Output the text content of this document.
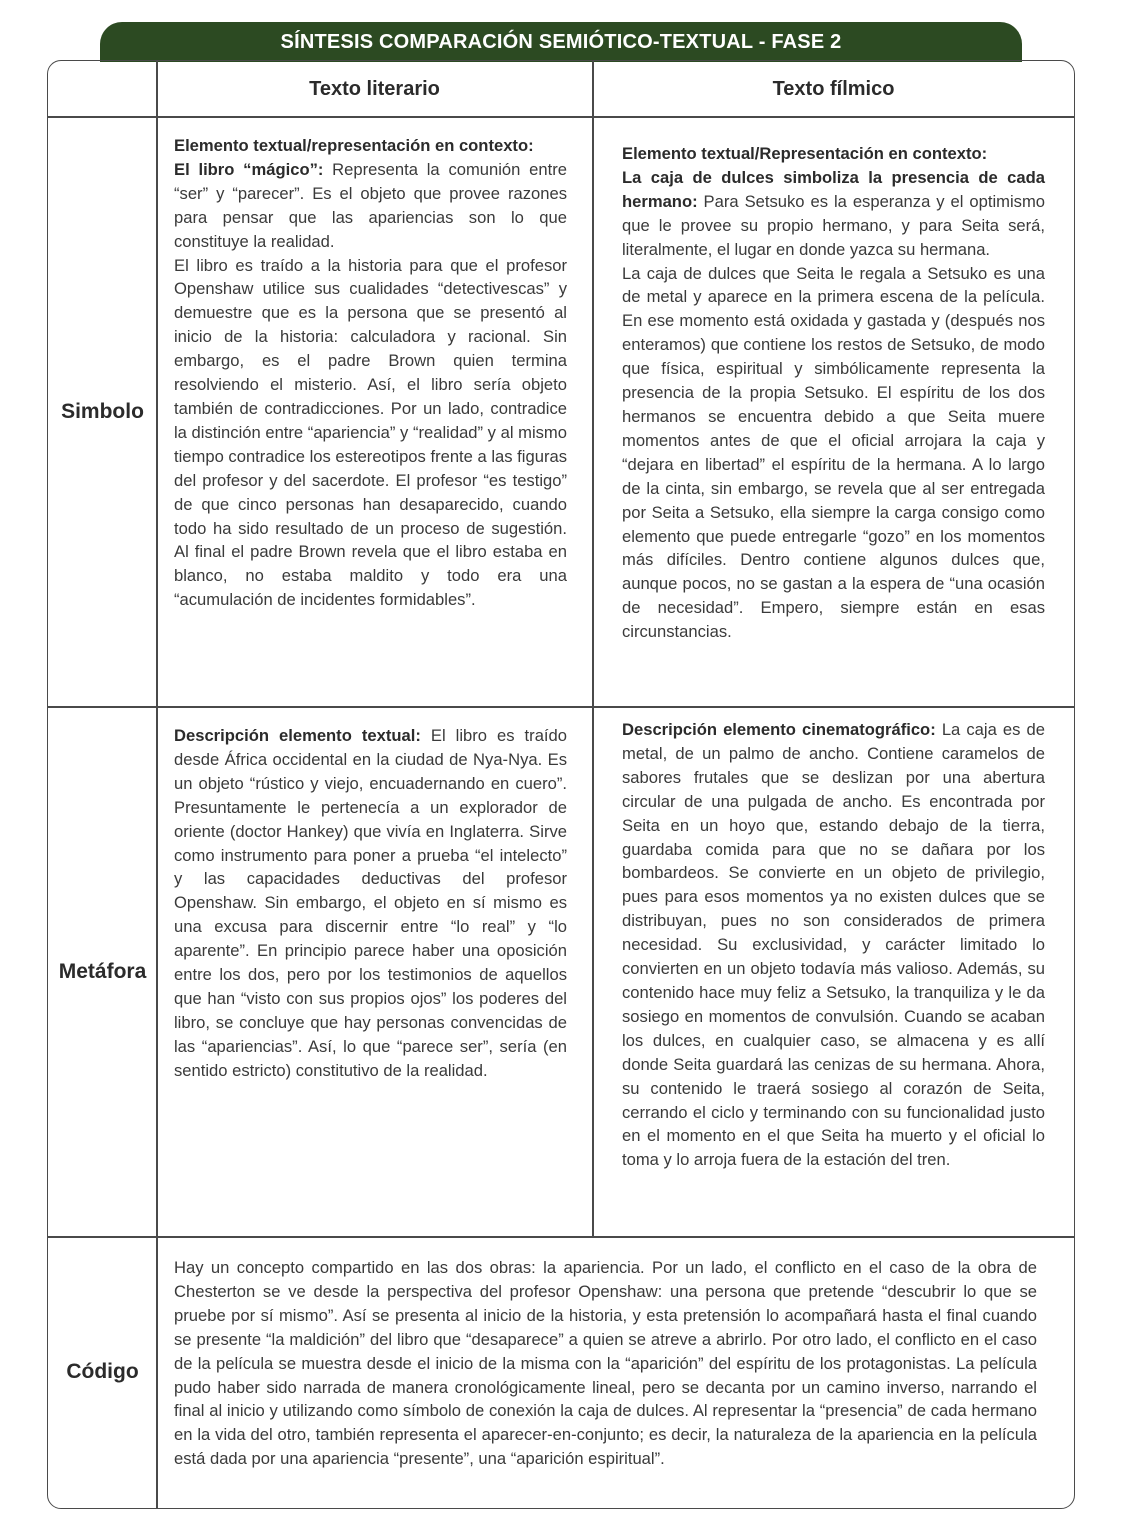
SÍNTESIS COMPARACIÓN SEMIÓTICO-TEXTUAL - FASE 2
Texto literario	Texto fílmico
Simbolo

Elemento textual/representación en contexto:

El libro “mágico”: Representa la comunión entre “ser” y “parecer”. Es el objeto que provee razones para pensar que las apariencias son lo que constituye la realidad.

El libro es traído a la historia para que el profesor Openshaw utilice sus cualidades “detectivescas” y demuestre que es la persona que se presentó al inicio de la historia: calculadora y racional. Sin embargo, es el padre Brown quien termina resolviendo el misterio. Así, el libro sería objeto también de contradicciones. Por un lado, contradice la distinción entre “apariencia” y “realidad” y al mismo tiempo contradice los estereotipos frente a las figuras del profesor y del sacerdote. El profesor “es testigo” de que cinco personas han desaparecido, cuando todo ha sido resultado de un proceso de sugestión. Al final el padre Brown revela que el libro estaba en blanco, no estaba maldito y todo era una “acumulación de incidentes formidables”.

Elemento textual/Representación en contexto:

La caja de dulces simboliza la presencia de cada hermano: Para Setsuko es la esperanza y el optimismo que le provee su propio hermano, y para Seita será, literalmente, el lugar en donde yazca su hermana.

La caja de dulces que Seita le regala a Setsuko es una de metal y aparece en la primera escena de la película. En ese momento está oxidada y gastada y (después nos enteramos) que contiene los restos de Setsuko, de modo que física, espiritual y simbólicamente representa la presencia de la propia Setsuko. El espíritu de los dos hermanos se encuentra debido a que Seita muere momentos antes de que el oficial arrojara la caja y “dejara en libertad” el espíritu de la hermana. A lo largo de la cinta, sin embargo, se revela que al ser entregada por Seita a Setsuko, ella siempre la carga consigo como elemento que puede entregarle “gozo” en los momentos más difíciles. Dentro contiene algunos dulces que, aunque pocos, no se gastan a la espera de “una ocasión de necesidad”. Empero, siempre están en esas circunstancias.

Metáfora

Descripción elemento textual: El libro es traído desde África occidental en la ciudad de Nya-Nya. Es un objeto “rústico y viejo, encuadernando en cuero”. Presuntamente le pertenecía a un explorador de oriente (doctor Hankey) que vivía en Inglaterra. Sirve como instrumento para poner a prueba “el intelecto” y las capacidades deductivas del profesor Openshaw. Sin embargo, el objeto en sí mismo es una excusa para discernir entre “lo real” y “lo aparente”. En principio parece haber una oposición entre los dos, pero por los testimonios de aquellos que han “visto con sus propios ojos” los poderes del libro, se concluye que hay personas convencidas de las “apariencias”. Así, lo que “parece ser”, sería (en sentido estricto) constitutivo de la realidad.

Descripción elemento cinematográfico: La caja es de metal, de un palmo de ancho. Contiene caramelos de sabores frutales que se deslizan por una abertura circular de una pulgada de ancho. Es encontrada por Seita en un hoyo que, estando debajo de la tierra, guardaba comida para que no se dañara por los bombardeos. Se convierte en un objeto de privilegio, pues para esos momentos ya no existen dulces que se distribuyan, pues no son considerados de primera necesidad. Su exclusividad, y carácter limitado lo convierten en un objeto todavía más valioso. Además, su contenido hace muy feliz a Setsuko, la tranquiliza y le da sosiego en momentos de convulsión. Cuando se acaban los dulces, en cualquier caso, se almacena y es allí donde Seita guardará las cenizas de su hermana. Ahora, su contenido le traerá sosiego al corazón de Seita, cerrando el ciclo y terminando con su funcionalidad justo en el momento en el que Seita ha muerto y el oficial lo toma y lo arroja fuera de la estación del tren.

Código

Hay un concepto compartido en las dos obras: la apariencia. Por un lado, el conflicto en el caso de la obra de Chesterton se ve desde la perspectiva del profesor Openshaw: una persona que pretende “descubrir lo que se pruebe por sí mismo”. Así se presenta al inicio de la historia, y esta pretensión lo acompañará hasta el final cuando se presente “la maldición” del libro que “desaparece” a quien se atreve a abrirlo. Por otro lado, el conflicto en el caso de la película se muestra desde el inicio de la misma con la “aparición” del espíritu de los protagonistas. La película pudo haber sido narrada de manera cronológicamente lineal, pero se decanta por un camino inverso, narrando el final al inicio y utilizando como símbolo de conexión la caja de dulces. Al representar la “presencia” de cada hermano en la vida del otro, también representa el aparecer-en-conjunto; es decir, la naturaleza de la apariencia en la película está dada por una apariencia “presente”, una “aparición espiritual”.
